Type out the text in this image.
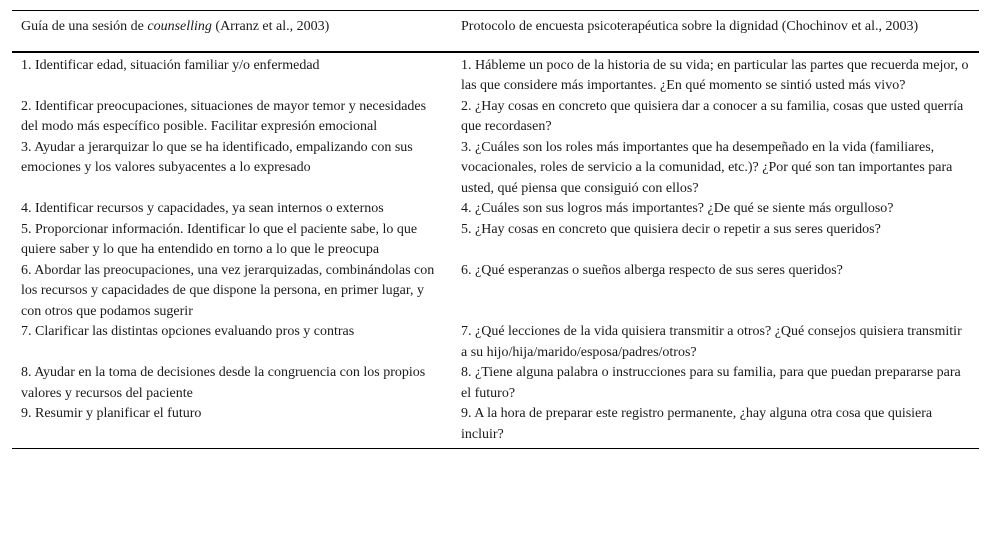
Guía de una sesión de counselling (Arranz et al., 2003)	Protocolo de encuesta psicoterapéutica sobre la dignidad (Chochinov et al., 2003)
1. Identificar edad, situación familiar y/o enfermedad	1. Hábleme un poco de la historia de su vida; en particular las partes que recuerda mejor, o las que considere más importantes. ¿En qué momento se sintió usted más vivo?
2. Identificar preocupaciones, situaciones de mayor temor y necesidades del modo más específico posible. Facilitar expresión emocional	2. ¿Hay cosas en concreto que quisiera dar a conocer a su familia, cosas que usted querría que recordasen?
3. Ayudar a jerarquizar lo que se ha identificado, empalizando con sus emociones y los valores subyacentes a lo expresado	3. ¿Cuáles son los roles más importantes que ha desempeñado en la vida (familiares, vocacionales, roles de servicio a la comunidad, etc.)? ¿Por qué son tan importantes para usted, qué piensa que consiguió con ellos?
4. Identificar recursos y capacidades, ya sean internos o externos	4. ¿Cuáles son sus logros más importantes? ¿De qué se siente más orgulloso?
5. Proporcionar información. Identificar lo que el paciente sabe, lo que quiere saber y lo que ha entendido en torno a lo que le preocupa	5. ¿Hay cosas en concreto que quisiera decir o repetir a sus seres queridos?
6. Abordar las preocupaciones, una vez jerarquizadas, combinándolas con los recursos y capacidades de que dispone la persona, en primer lugar, y con otros que podamos sugerir	6. ¿Qué esperanzas o sueños alberga respecto de sus seres queridos?
7. Clarificar las distintas opciones evaluando pros y contras	7. ¿Qué lecciones de la vida quisiera transmitir a otros? ¿Qué consejos quisiera transmitir a su hijo/hija/marido/esposa/padres/otros?
8. Ayudar en la toma de decisiones desde la congruencia con los propios valores y recursos del paciente	8. ¿Tiene alguna palabra o instrucciones para su familia, para que puedan prepararse para el futuro?
9. Resumir y planificar el futuro	9. A la hora de preparar este registro permanente, ¿hay alguna otra cosa que quisiera incluir?
